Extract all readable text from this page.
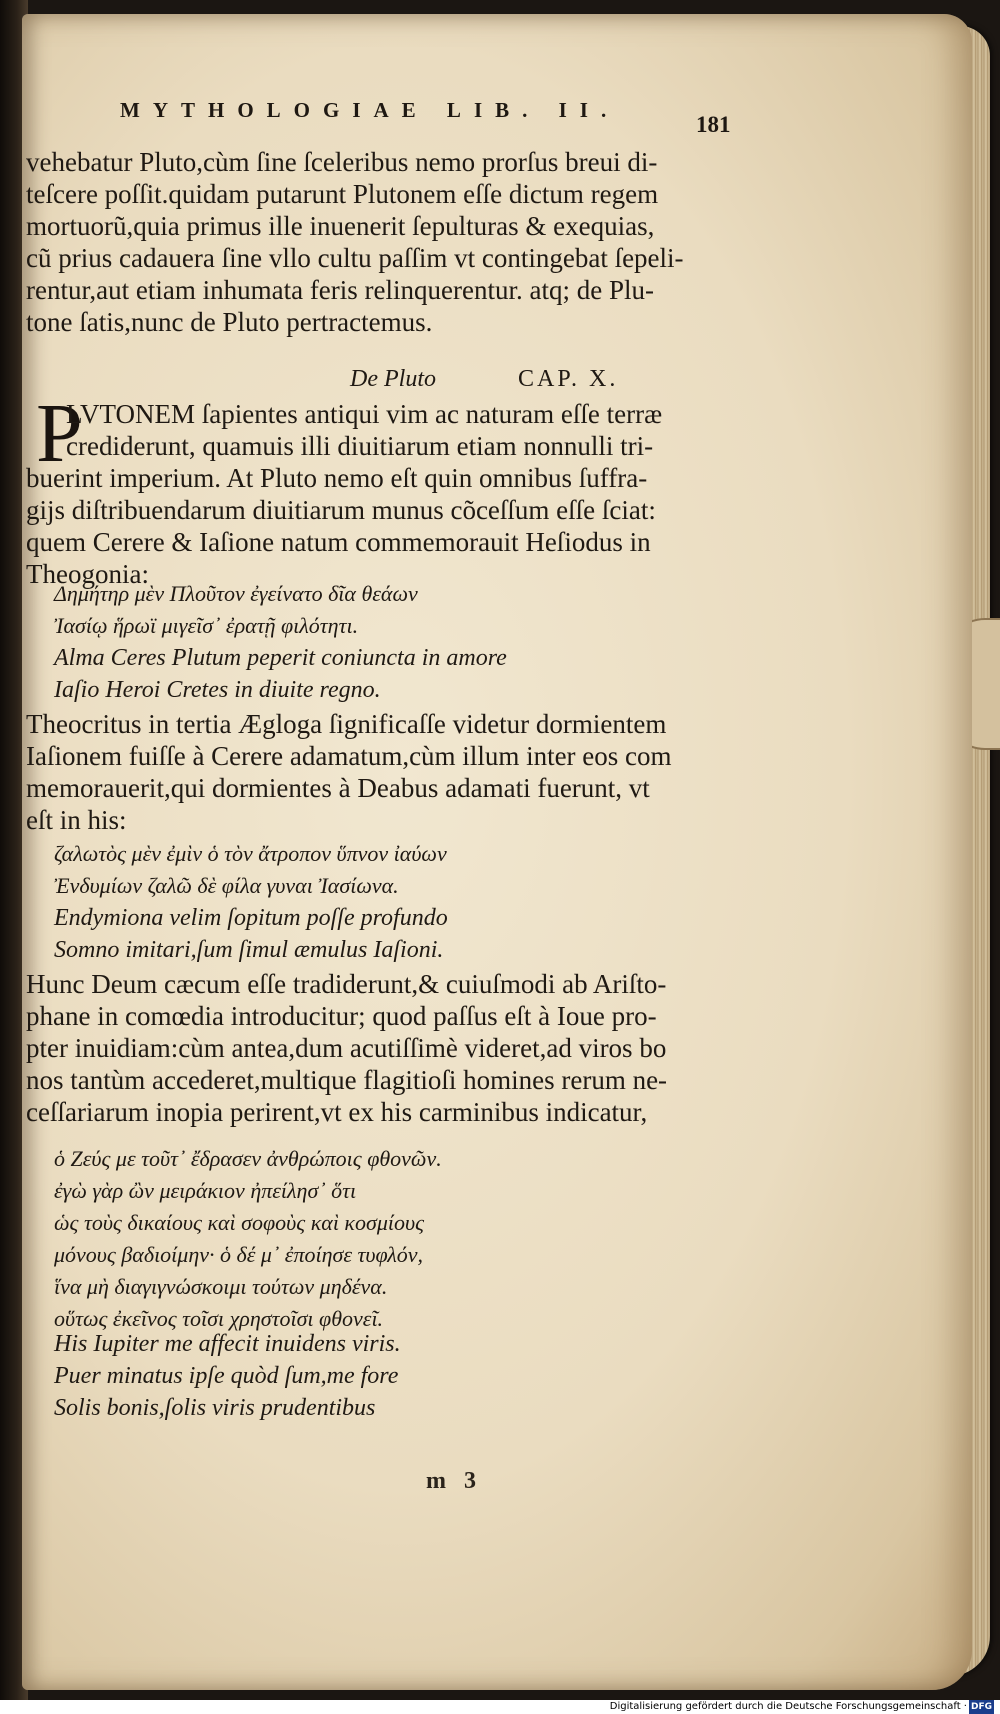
MYTHOLOGIAE LIB. II.
181
vehebatur Pluto,cùm ſine ſceleribus nemo prorſus breui di-
teſcere poſſit.quidam putarunt Plutonem eſſe dictum regem
mortuorũ,quia primus ille inuenerit ſepulturas & exequias,
cũ prius cadauera ſine vllo cultu paſſim vt contingebat ſepeli-
rentur,aut etiam inhumata feris relinquerentur. atq; de Plu-
tone ſatis,nunc de Pluto pertractemus.
De Pluto	CAP. X.
P
LVTONEM ſapientes antiqui vim ac naturam eſſe terræ
crediderunt, quamuis illi diuitiarum etiam nonnulli tri-
buerint imperium. At Pluto nemo eſt quin omnibus ſuffra-
gijs diſtribuendarum diuitiarum munus cõceſſum eſſe ſciat:
quem Cerere & Iaſione natum commemorauit Heſiodus in
Theogonia:
Δημήτηρ μὲν Πλοῦτον ἐγείνατο δῖα θεάων
Ἰασίῳ ἥρωϊ μιγεῖσ᾽ ἐρατῇ φιλότητι.
Alma Ceres Plutum peperit coniuncta in amore
Iaſio Heroi Cretes in diuite regno.
Theocritus in tertia Ægloga ſignificaſſe videtur dormientem
Iaſionem fuiſſe à Cerere adamatum,cùm illum inter eos com
memorauerit,qui dormientes à Deabus adamati fuerunt, vt
eſt in his:
ζαλωτὸς μὲν ἐμὶν ὁ τὸν ἄτροπον ὕπνον ἰαύων
Ἐνδυμίων ζαλῶ δὲ φίλα γυναι Ἰασίωνα.
Endymiona velim ſopitum poſſe profundo
Somno imitari,ſum ſimul æmulus Iaſioni.
Hunc Deum cæcum eſſe tradiderunt,& cuiuſmodi ab Ariſto-
phane in comœdia introducitur; quod paſſus eſt à Ioue pro-
pter inuidiam:cùm antea,dum acutiſſimè videret,ad viros bo
nos tantùm accederet,multique flagitioſi homines rerum ne-
ceſſariarum inopia perirent,vt ex his carminibus indicatur,
ὁ Ζεύς με τοῦτ᾽ ἔδρασεν ἀνθρώποις φθονῶν.
ἐγὼ γὰρ ὢν μειράκιον ἠπείλησ᾽ ὅτι
ὡς τοὺς δικαίους καὶ σοφοὺς καὶ κοσμίους
μόνους βαδιοίμην· ὁ δέ μ᾽ ἐποίησε τυφλόν,
ἵνα μὴ διαγιγνώσκοιμι τούτων μηδένα.
οὕτως ἐκεῖνος τοῖσι χρηστοῖσι φθονεῖ.
His Iupiter me affecit inuidens viris.
Puer minatus ipſe quòd ſum,me fore
Solis bonis,ſolis viris prudentibus
m 3
Digitalisierung gefördert durch die Deutsche Forschungsgemeinschaft · DFG
